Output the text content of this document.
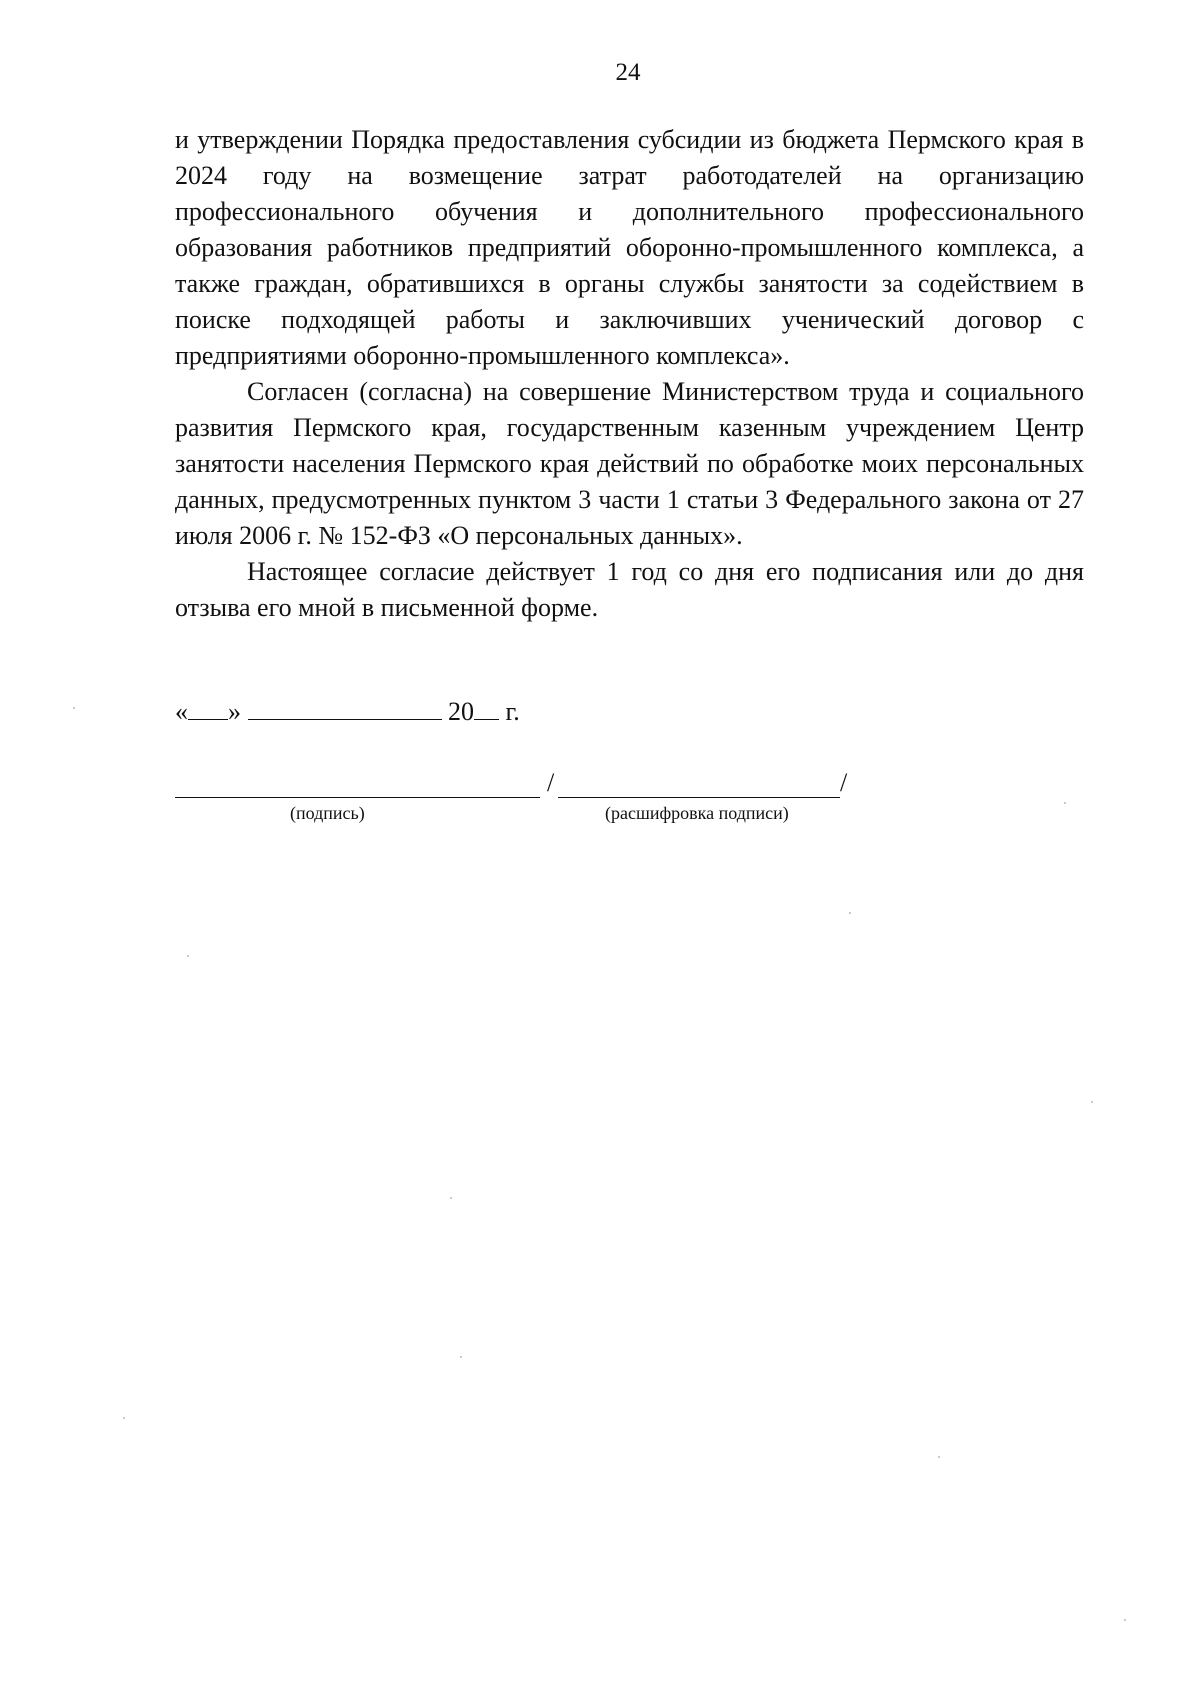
24

и утверждении Порядка предоставления субсидии из бюджета Пермского края в 2024 году на возмещение затрат работодателей на организацию профессионального обучения и дополнительного профессионального образования работников предприятий оборонно-промышленного комплекса, а также граждан, обратившихся в органы службы занятости за содействием в поиске подходящей работы и заключивших ученический договор с предприятиями оборонно-промышленного комплекса».

Согласен (согласна) на совершение Министерством труда и социального развития Пермского края, государственным казенным учреждением Центр занятости населения Пермского края действий по обработке моих персональных данных, предусмотренных пунктом 3 части 1 статьи 3 Федерального закона от 27 июля 2006 г. № 152-ФЗ «О персональных данных».

Настоящее согласие действует 1 год со дня его подписания или до дня отзыва его мной в письменной форме.

« »	20 г.
/	/
(подпись)	(расшифровка подписи)
